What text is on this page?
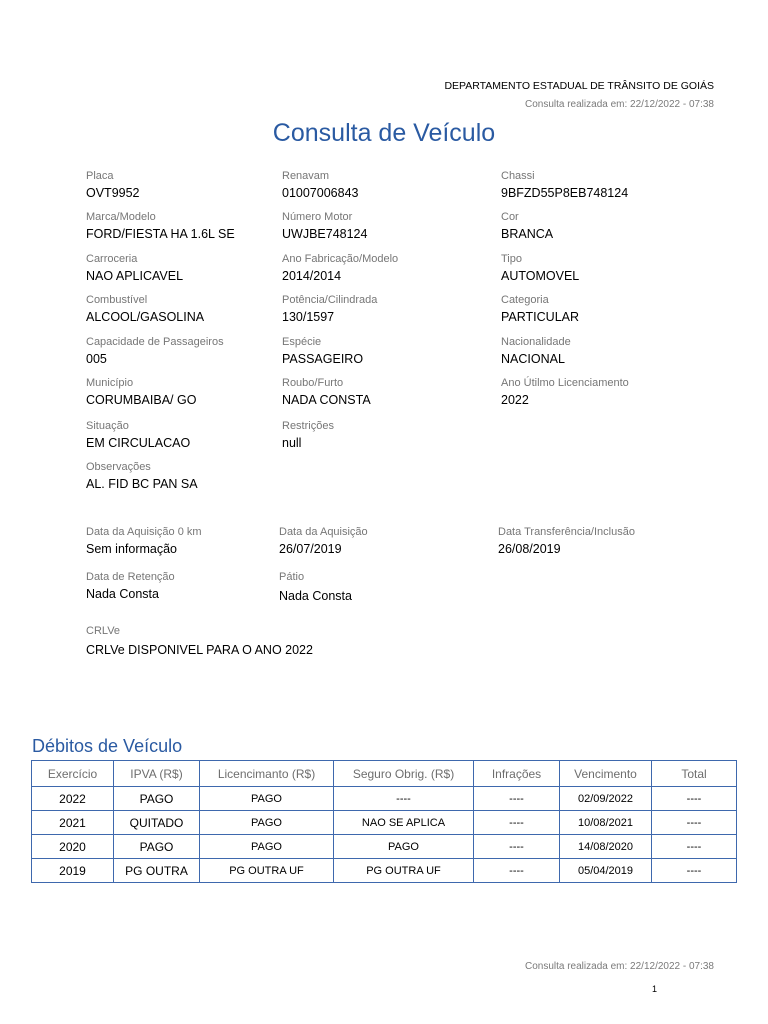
DEPARTAMENTO ESTADUAL DE TRÂNSITO DE GOIÁS
Consulta realizada em: 22/12/2022 - 07:38
Consulta de Veículo
Placa
OVT9952
Renavam
01007006843
Chassi
9BFZD55P8EB748124
Marca/Modelo
FORD/FIESTA HA 1.6L SE
Número Motor
UWJBE748124
Cor
BRANCA
Carroceria
NAO APLICAVEL
Ano Fabricação/Modelo
2014/2014
Tipo
AUTOMOVEL
Combustível
ALCOOL/GASOLINA
Potência/Cilindrada
130/1597
Categoria
PARTICULAR
Capacidade de Passageiros
005
Espécie
PASSAGEIRO
Nacionalidade
NACIONAL
Município
CORUMBAIBA/ GO
Roubo/Furto
NADA CONSTA
Ano Útilmo Licenciamento
2022
Situação
EM CIRCULACAO
Restrições
null
Observações
AL. FID BC PAN SA
Data da Aquisição 0 km
Sem informação
Data da Aquisição
26/07/2019
Data Transferência/Inclusão
26/08/2019
Data de Retenção
Nada Consta
Pátio
Nada Consta
CRLVe
CRLVe DISPONIVEL PARA O ANO 2022
Débitos de Veículo
Exercício	IPVA (R$)	Licencimanto (R$)	Seguro Obrig. (R$)	Infrações	Vencimento	Total
2022	PAGO	PAGO	----	----	02/09/2022	----
2021	QUITADO	PAGO	NAO SE APLICA	----	10/08/2021	----
2020	PAGO	PAGO	PAGO	----	14/08/2020	----
2019	PG OUTRA	PG OUTRA UF	PG OUTRA UF	----	05/04/2019	----
Consulta realizada em: 22/12/2022 - 07:38
1
